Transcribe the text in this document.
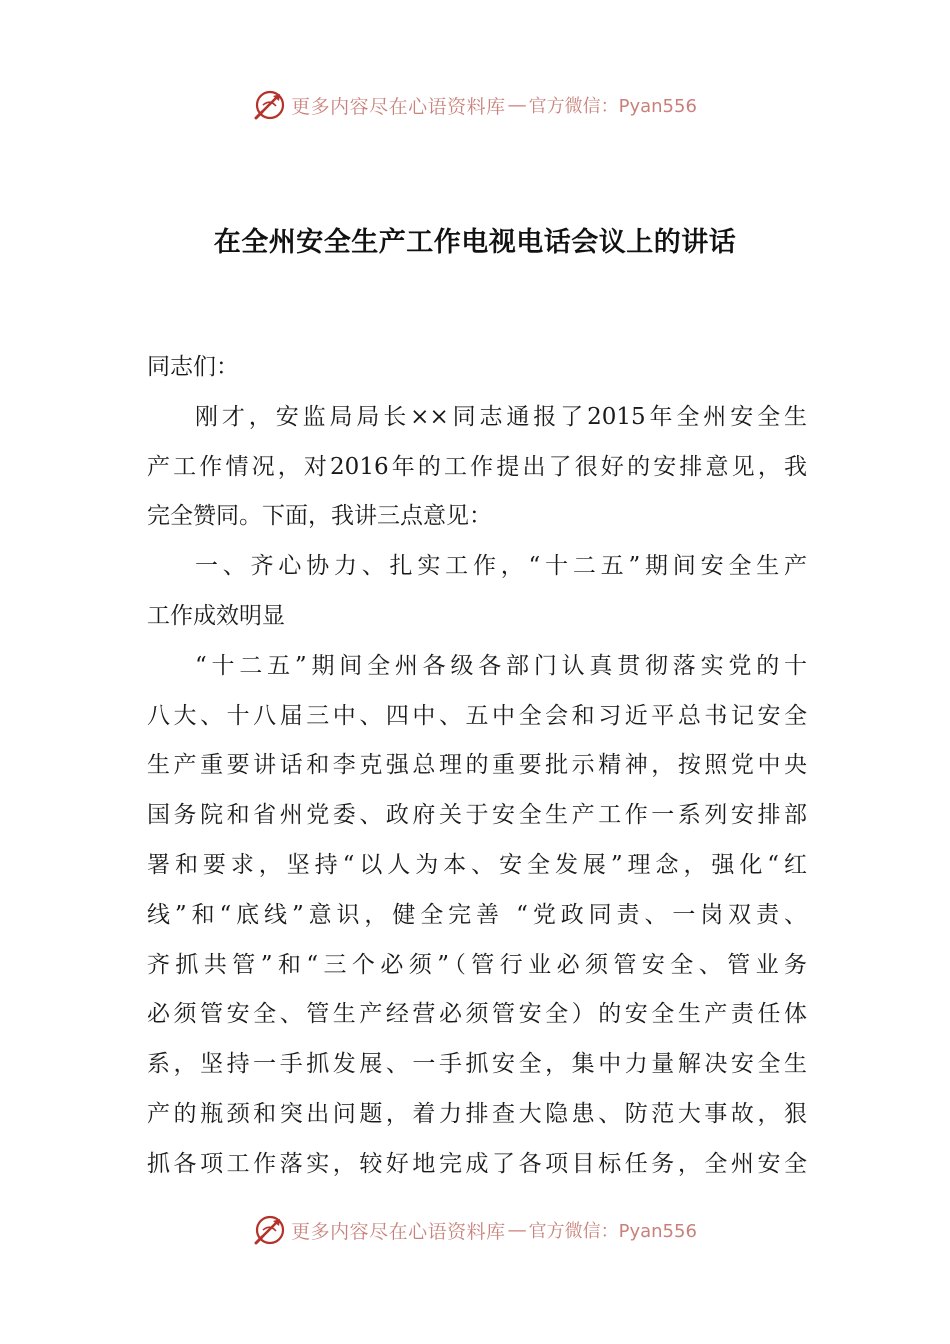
更多内容尽在心语资料库 — 官方微信：Pyan556
在全州安全生产工作电视电话会议上的讲话
同志们：
刚才，安监局局长××同志通报了2015年全州安全生
产工作情况，对2016年的工作提出了很好的安排意见，我
完全赞同。下面，我讲三点意见：
一、齐心协力、扎实工作，“十二五”期间安全生产
工作成效明显
“十二五”期间全州各级各部门认真贯彻落实党的十
八大、十八届三中、四中、五中全会和习近平总书记安全
生产重要讲话和李克强总理的重要批示精神，按照党中央
国务院和省州党委、政府关于安全生产工作一系列安排部
署和要求，坚持“以人为本、安全发展”理念，强化“红
线”和“底线”意识，健全完善 “党政同责、一岗双责、
齐抓共管”和“三个必须”（管行业必须管安全、管业务
必须管安全、管生产经营必须管安全）的安全生产责任体
系，坚持一手抓发展、一手抓安全，集中力量解决安全生
产的瓶颈和突出问题，着力排查大隐患、防范大事故，狠
抓各项工作落实，较好地完成了各项目标任务，全州安全
更多内容尽在心语资料库 — 官方微信：Pyan556
